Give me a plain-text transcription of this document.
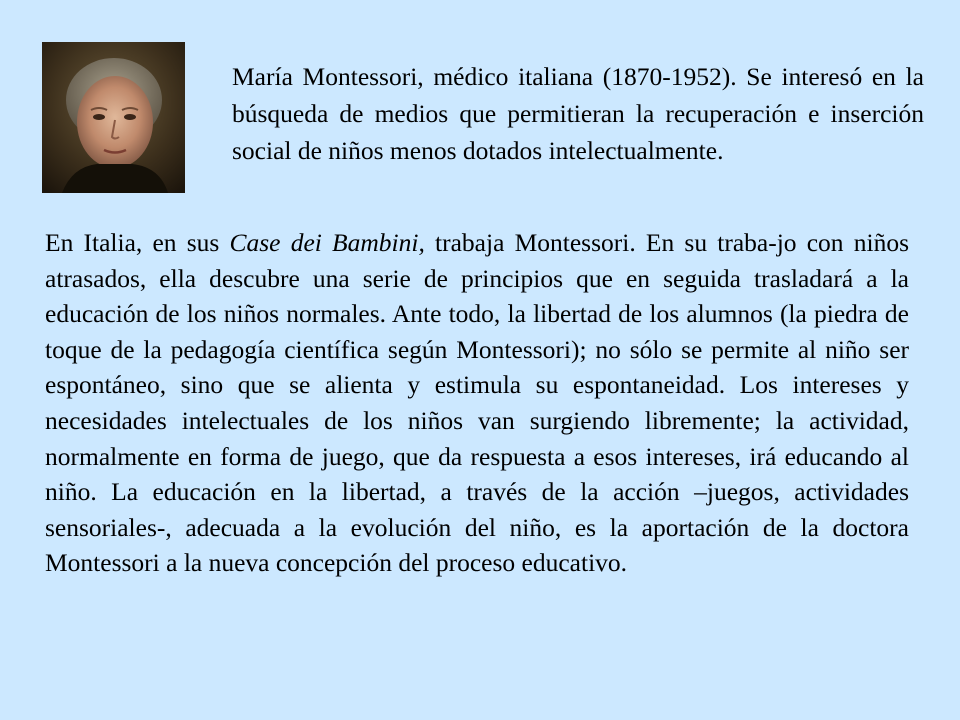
María Montessori, médico italiana (1870-1952). Se interesó en la búsqueda de medios que permitieran la recuperación e inserción social de niños menos dotados intelectualmente.

En Italia, en sus Case dei Bambini, trabaja Montessori. En su traba-jo con niños atrasados, ella descubre una serie de principios que en seguida trasladará a la educación de los niños normales. Ante todo, la libertad de los alumnos (la piedra de toque de la pedagogía científica según Montessori); no sólo se permite al niño ser espontáneo, sino que se alienta y estimula su espontaneidad. Los intereses y necesidades intelectuales de los niños van surgiendo libremente; la actividad, normalmente en forma de juego, que da respuesta a esos intereses, irá educando al niño. La educación en la libertad, a través de la acción –juegos, actividades sensoriales-, adecuada a la evolución del niño, es la aportación de la doctora Montessori a la nueva concepción del proceso educativo.
